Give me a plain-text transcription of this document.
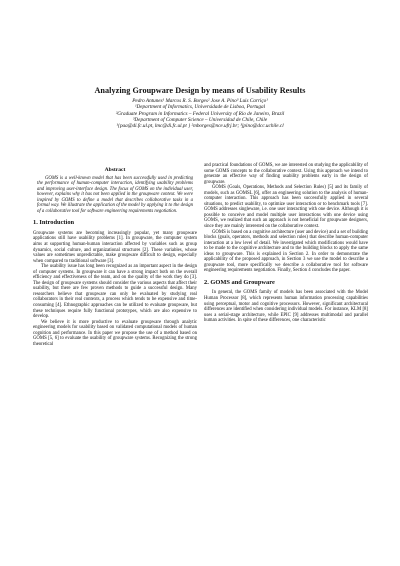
Analyzing Groupware Design by means of Usability Results
Pedro Antunes¹ Marcos R. S. Borges² Jose A. Pino³ Luis Carriço¹
¹Department of Informatics, Universidade de Lisboa, Portugal
²Graduate Program in Informatics – Federal University of Rio de Janeiro, Brazil
³Department of Computer Science – Universidad de Chile, Chile
¹{paa@di.fc.ul.pt, lmc@di.fc.ul.pt } ²mborges@nce.ufrj.br; ³jpino@dcc.uchile.cl
Abstract

GOMS is a well-known model that has been successfully used in predicting the performance of human-computer interaction, identifying usability problems and improving user-interface design. The focus of GOMS on the individual user, however, explains why it has not been applied in the groupware context. We were inspired by GOMS to define a model that describes collaborative tasks in a formal way. We illustrate the application of the model by applying it to the design of a collaborative tool for software engineering requirements negotiation.

1. Introduction

Groupware systems are becoming increasingly popular, yet many groupware applications still have usability problems [1]. In groupware, the computer system aims at supporting human-human interaction affected by variables such as group dynamics, social culture, and organizational structures [2]. These variables, whose values are sometimes unpredictable, make groupware difficult to design, especially when compared to traditional software [3].

The usability issue has long been recognized as an important aspect in the design of computer systems. In groupware it can have a strong impact both on the overall efficiency and effectiveness of the team, and on the quality of the work they do [3]. The design of groupware systems should consider the various aspects that affect their usability, but there are few proven methods to guide a successful design. Many researchers believe that groupware can only be evaluated by studying real collaborators in their real contexts, a process which tends to be expensive and time-consuming [4]. Ethnographic approaches can be utilized to evaluate groupware, but these techniques require fully functional prototypes, which are also expensive to develop.

We believe it is more productive to evaluate groupware through analytic engineering models for usability based on validated computational models of human cognition and performance. In this paper we propose the use of a method based on GOMS [5, 6] to evaluate the usability of groupware systems. Recognizing the strong theoretical

and practical foundations of GOMS, we are interested on studying the applicability of some GOMS concepts to the collaborative context. Using this approach we intend to generate an effective way of finding usability problems early in the design of groupware.

GOMS (Goals, Operations, Methods and Selection Rules) [5] and its family of models, such as GOMSL [6], offer an engineering solution to the analysis of human-computer interaction. This approach has been successfully applied in several situations, to predict usability, to optimize user interaction or to benchmark tools [7]. GOMS addresses singleware, i.e. one user interacting with one device. Although it is possible to conceive and model multiple user interactions with one device using GOMS, we realized that such an approach is not beneficial for groupware designers, since they are mainly interested on the collaborative context.

GOMS is based on a cognitive architecture (user and device) and a set of building blocks (goals, operators, methods and selection rules) that describe human-computer interaction at a low level of detail. We investigated which modifications would have to be made to the cognitive architecture and to the building blocks to apply the same ideas to groupware. This is explained in Section 2. In order to demonstrate the applicability of the proposed approach, in Section 3 we use the model to describe a groupware tool, more specifically we describe a collaborative tool for software engineering requirements negotiation. Finally, Section 4 concludes the paper.

2. GOMS and Groupware

In general, the GOMS family of models has been associated with the Model Human Processor [8], which represents human information processing capabilities using perceptual, motor and cognitive processors. However, significant architectural differences are identified when considering individual models. For instance, KLM [8] uses a serial-stage architecture, while EPIC [9] addresses multimodal and parallel human activities. In spite of these differences, one characteristic
